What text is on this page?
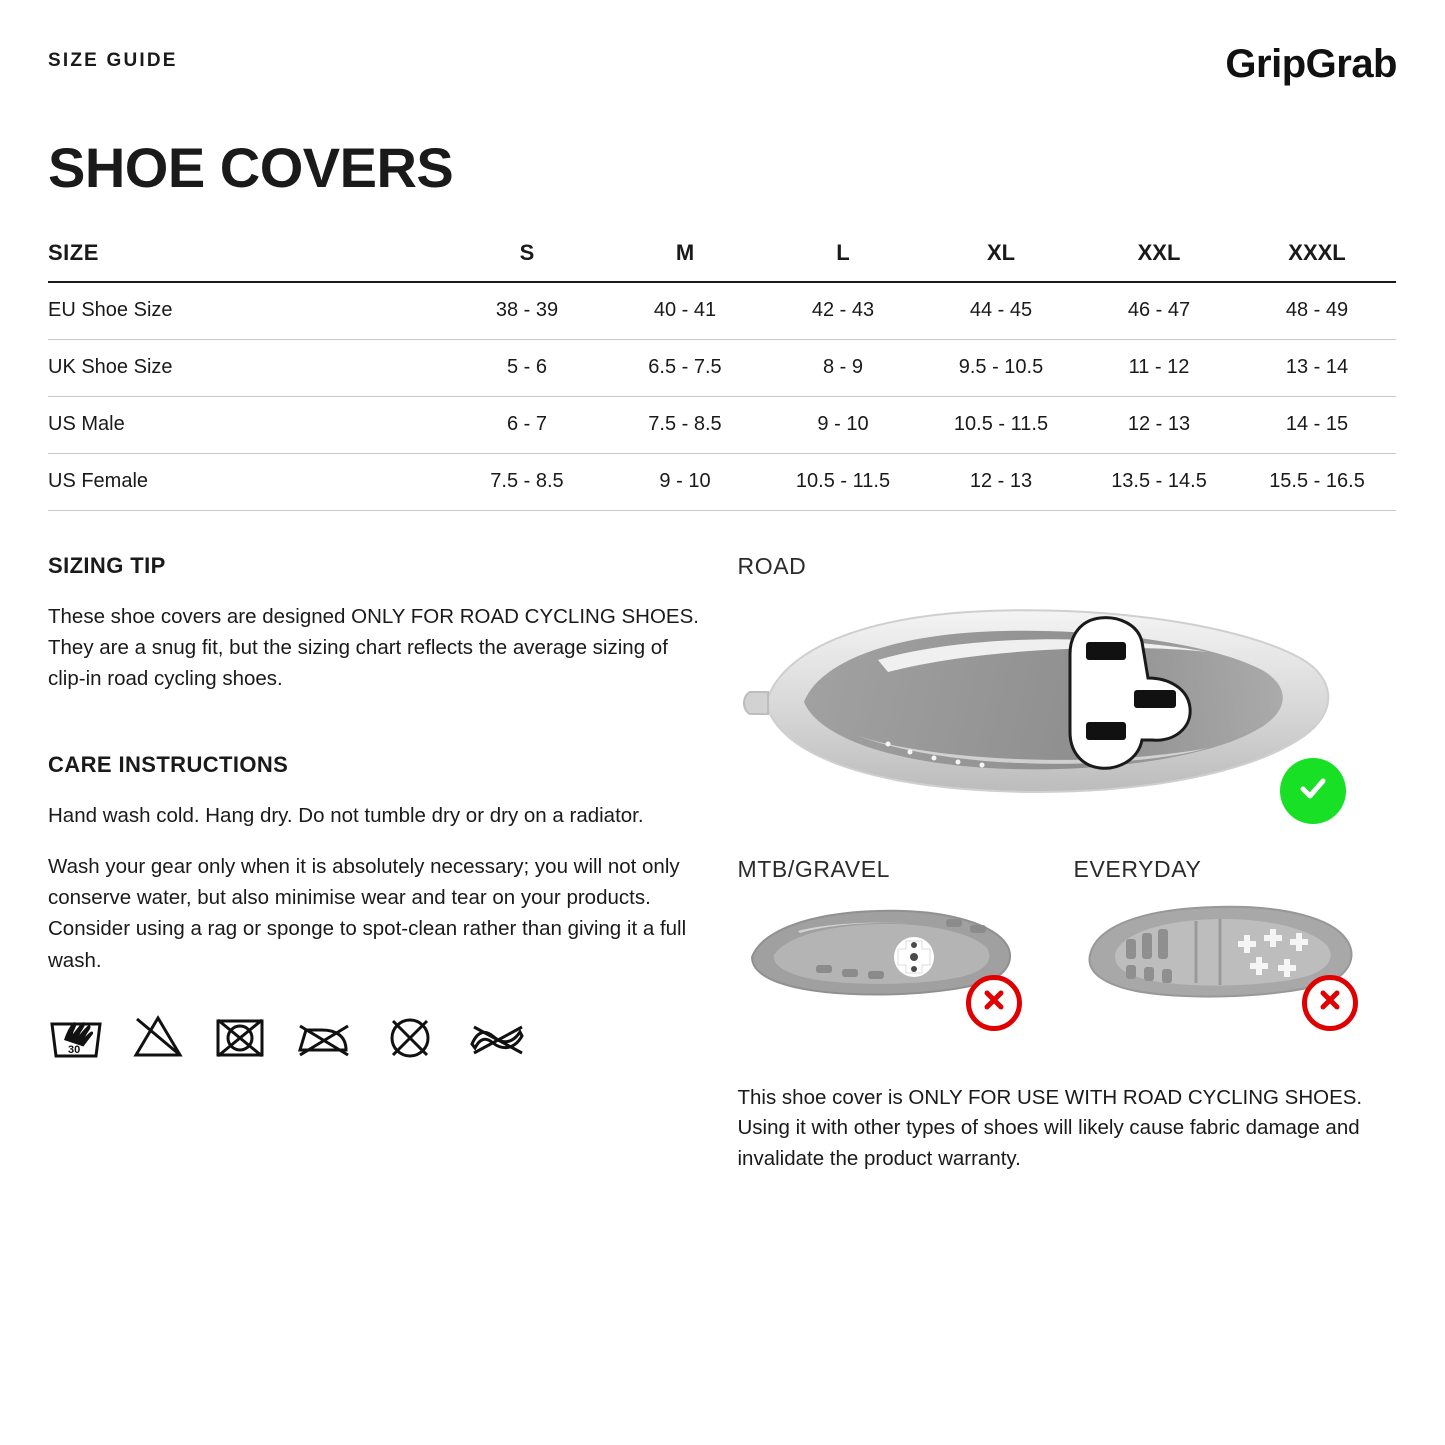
SIZE GUIDE	GripGrab
SHOE COVERS
SIZE	S	M	L	XL	XXL	XXXL
EU Shoe Size	38 - 39	40 - 41	42 - 43	44 - 45	46 - 47	48 - 49
UK Shoe Size	5 - 6	6.5 - 7.5	8 - 9	9.5 - 10.5	11 - 12	13 - 14
US Male	6 - 7	7.5 - 8.5	9 - 10	10.5 - 11.5	12 - 13	14 - 15
US Female	7.5 - 8.5	9 - 10	10.5 - 11.5	12 - 13	13.5 - 14.5	15.5 - 16.5
SIZING TIP

These shoe covers are designed ONLY FOR ROAD CYCLING SHOES. They are a snug fit, but the sizing chart reflects the average sizing of clip-in road cycling shoes.

CARE INSTRUCTIONS

Hand wash cold. Hang dry. Do not tumble dry or dry on a radiator.

Wash your gear only when it is absolutely necessary; you will not only conserve water, but also minimise wear and tear on your products. Consider using a rag or sponge to spot-clean rather than giving it a full wash.

30
ROAD
MTB/GRAVEL	EVERYDAY

This shoe cover is ONLY FOR USE WITH ROAD CYCLING SHOES. Using it with other types of shoes will likely cause fabric damage and invalidate the product warranty.
